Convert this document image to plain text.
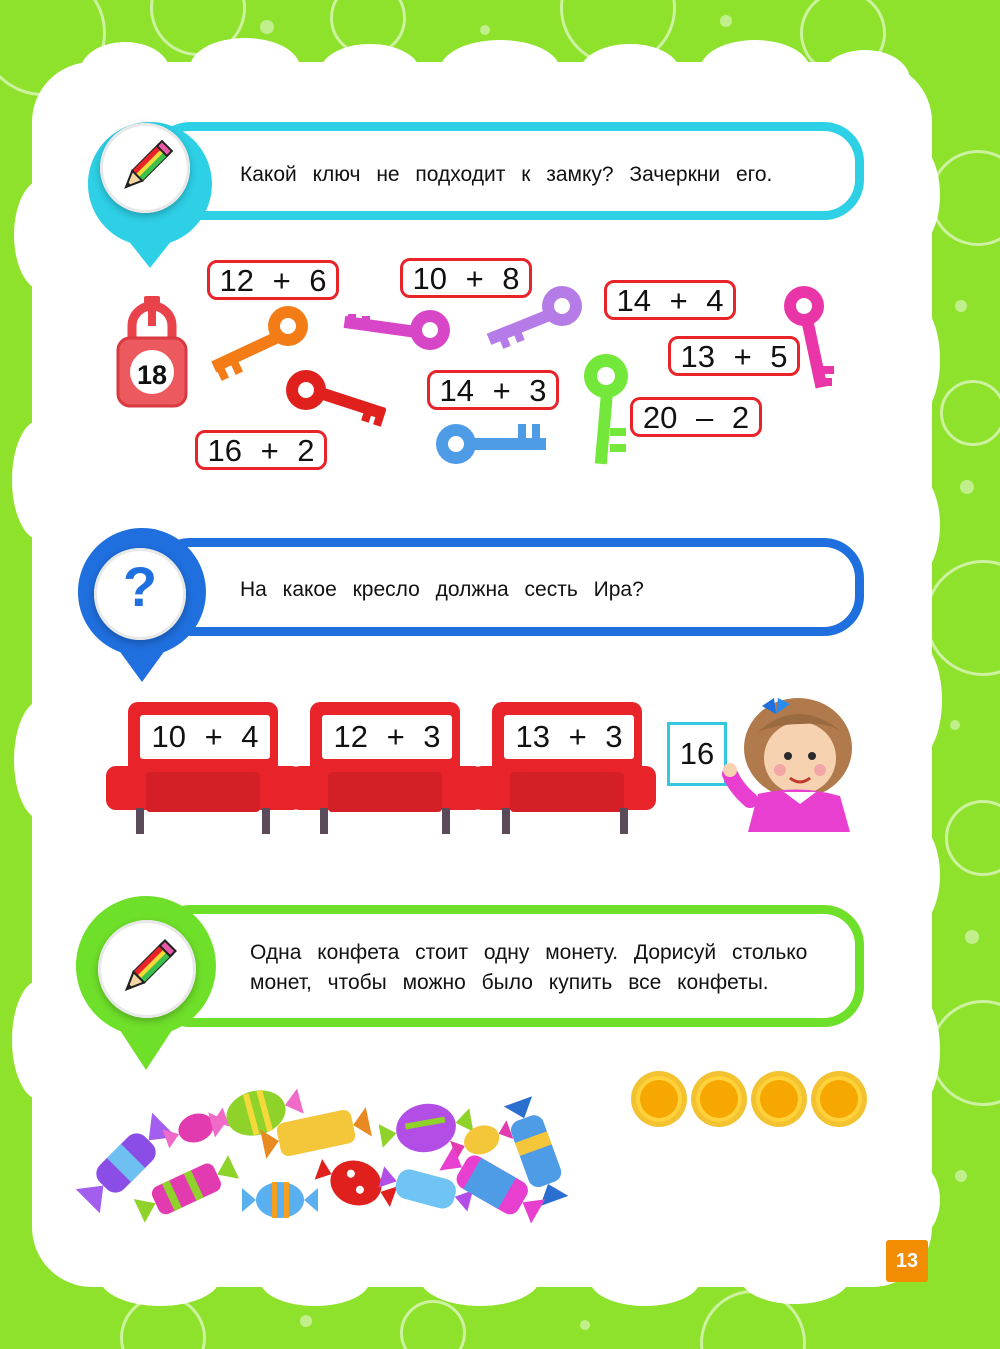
Какой ключ не подходит к замку? Зачеркни его.
18
12 + 6	10 + 8
14 + 4
13 + 5
16 + 2
14 + 3
20 – 2
?	На какое кресло должна сесть Ира?
10 + 4	12 + 3	13 + 3	16
Одна конфета стоит одну монету. Дорисуй столько
монет, чтобы можно было купить все конфеты.
13
